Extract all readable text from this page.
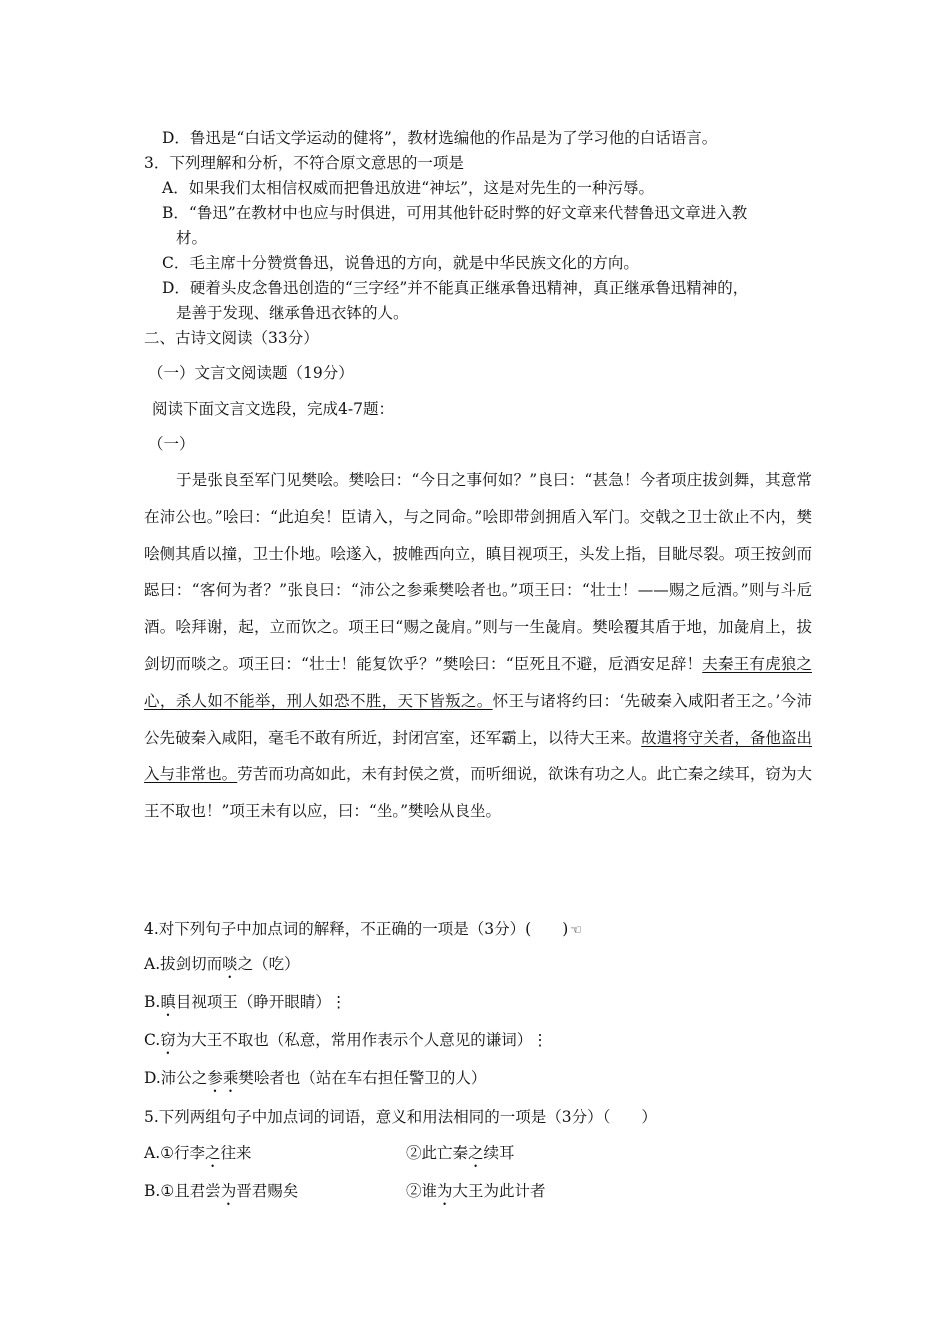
D．鲁迅是“白话文学运动的健将”，教材选编他的作品是为了学习他的白话语言。
3．下列理解和分析，不符合原文意思的一项是
A．如果我们太相信权威而把鲁迅放进“神坛”，这是对先生的一种污辱。
B．“鲁迅”在教材中也应与时俱进，可用其他针砭时弊的好文章来代替鲁迅文章进入教
材。
C．毛主席十分赞赏鲁迅，说鲁迅的方向，就是中华民族文化的方向。
D．硬着头皮念鲁迅创造的“三字经”并不能真正继承鲁迅精神，真正继承鲁迅精神的，
是善于发现、继承鲁迅衣钵的人。
二、古诗文阅读（33分）
（一）文言文阅读题（19分）
阅读下面文言文选段，完成4-7题：
（一）
于是张良至军门见樊哙。樊哙曰：“今日之事何如？”良曰：“甚急！今者项庄拔剑舞，其意常在沛公也。”哙曰：“此迫矣！臣请入，与之同命。”哙即带剑拥盾入军门。交戟之卫士欲止不内，樊哙侧其盾以撞，卫士仆地。哙遂入，披帷西向立，瞋目视项王，头发上指，目眦尽裂。项王按剑而跽曰：“客何为者？”张良曰：“沛公之参乘樊哙者也。”项王曰：“壮士！——赐之卮酒。”则与斗卮酒。哙拜谢，起，立而饮之。项王曰“赐之彘肩。”则与一生彘肩。樊哙覆其盾于地，加彘肩上，拔剑切而啖之。项王曰：“壮士！能复饮乎？”樊哙曰：“臣死且不避，卮酒安足辞！夫秦王有虎狼之心，杀人如不能举，刑人如恐不胜，天下皆叛之。怀王与诸将约曰：‘先破秦入咸阳者王之。’今沛公先破秦入咸阳，毫毛不敢有所近，封闭宫室，还军霸上，以待大王来。故遣将守关者，备他盗出入与非常也。劳苦而功高如此，未有封侯之赏，而听细说，欲诛有功之人。此亡秦之续耳，窃为大王不取也！”项王未有以应，曰：“坐。”樊哙从良坐。
4.对下列句子中加点词的解释，不正确的一项是（3分）(　　) ☜
A.拔剑切而啖之（吃）
B.瞋目视项王（睁开眼睛）⋮
C.窃为大王不取也（私意，常用作表示个人意见的谦词）⋮
D.沛公之参乘樊哙者也（站在车右担任警卫的人）
5.下列两组句子中加点词的词语，意义和用法相同的一项是（3分）（　　）
A.①行李之往来	②此亡秦之续耳
B.①且君尝为晋君赐矣	②谁为大王为此计者
